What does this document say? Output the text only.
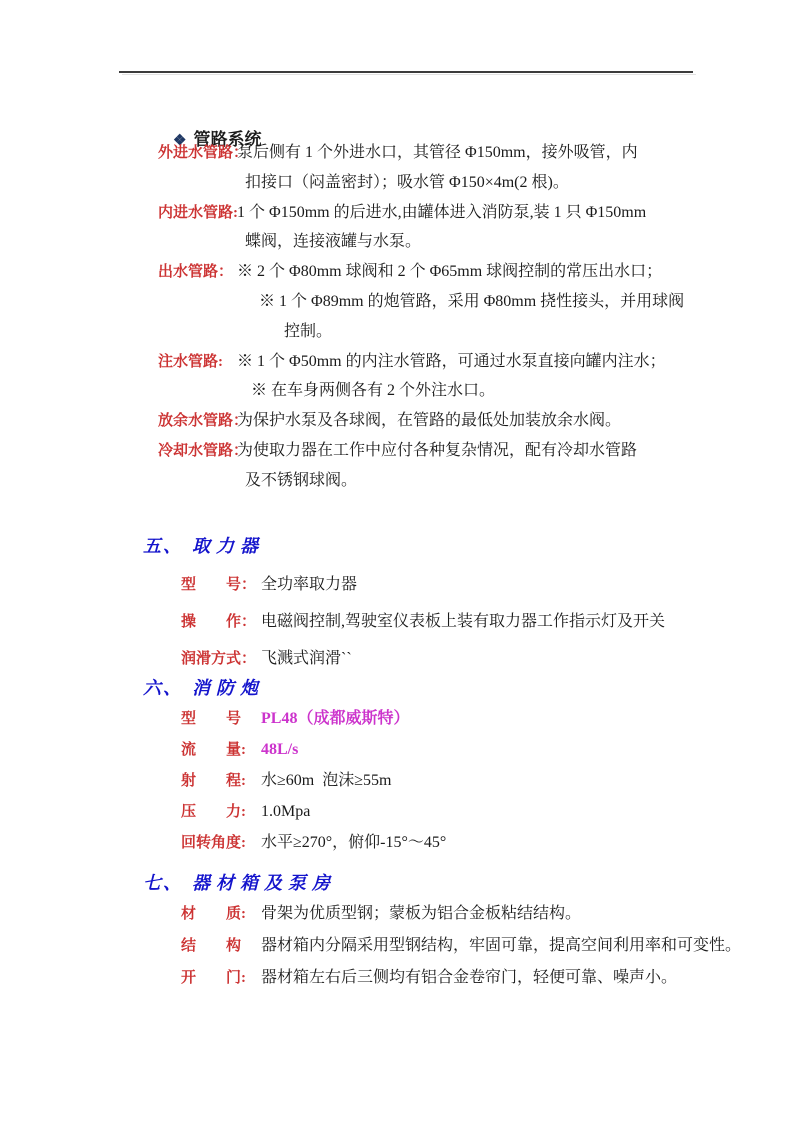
❖ 管路系统

外进水管路：泵后侧有 1 个外进水口，其管径 Φ150mm，接外吸管，内
扣接口（闷盖密封）；吸水管 Φ150×4m(2 根)。
内进水管路:1 个 Φ150mm 的后进水,由罐体进入消防泵,装 1 只 Φ150mm
蝶阀，连接液罐与水泵。
出水管路： ※ 2 个 Φ80mm 球阀和 2 个 Φ65mm 球阀控制的常压出水口；
※ 1 个 Φ89mm 的炮管路，采用 Φ80mm 挠性接头，并用球阀
控制。
注水管路: ※ 1 个 Φ50mm 的内注水管路，可通过水泵直接向罐内注水；
※ 在车身两侧各有 2 个外注水口。
放余水管路：为保护水泵及各球阀，在管路的最低处加装放余水阀。
冷却水管路：为使取力器在工作中应付各种复杂情况，配有冷却水管路
及不锈钢球阀。

五、 取力器

型　　号： 全功率取力器

操　　作： 电磁阀控制,驾驶室仪表板上装有取力器工作指示灯及开关

润滑方式： 飞溅式润滑``

六、 消防炮

型　　号 PL48（成都威斯特）

流　　量: 48L/s

射　　程: 水≥60m  泡沫≥55m

压　　力: 1.0Mpa

回转角度: 水平≥270°，俯仰-15°～45°

七、 器材箱及泵房

材　　质: 骨架为优质型钢；蒙板为铝合金板粘结结构。

结　　构 器材箱内分隔采用型钢结构，牢固可靠，提高空间利用率和可变性。

开　　门: 器材箱左右后三侧均有铝合金卷帘门，轻便可靠、噪声小。
